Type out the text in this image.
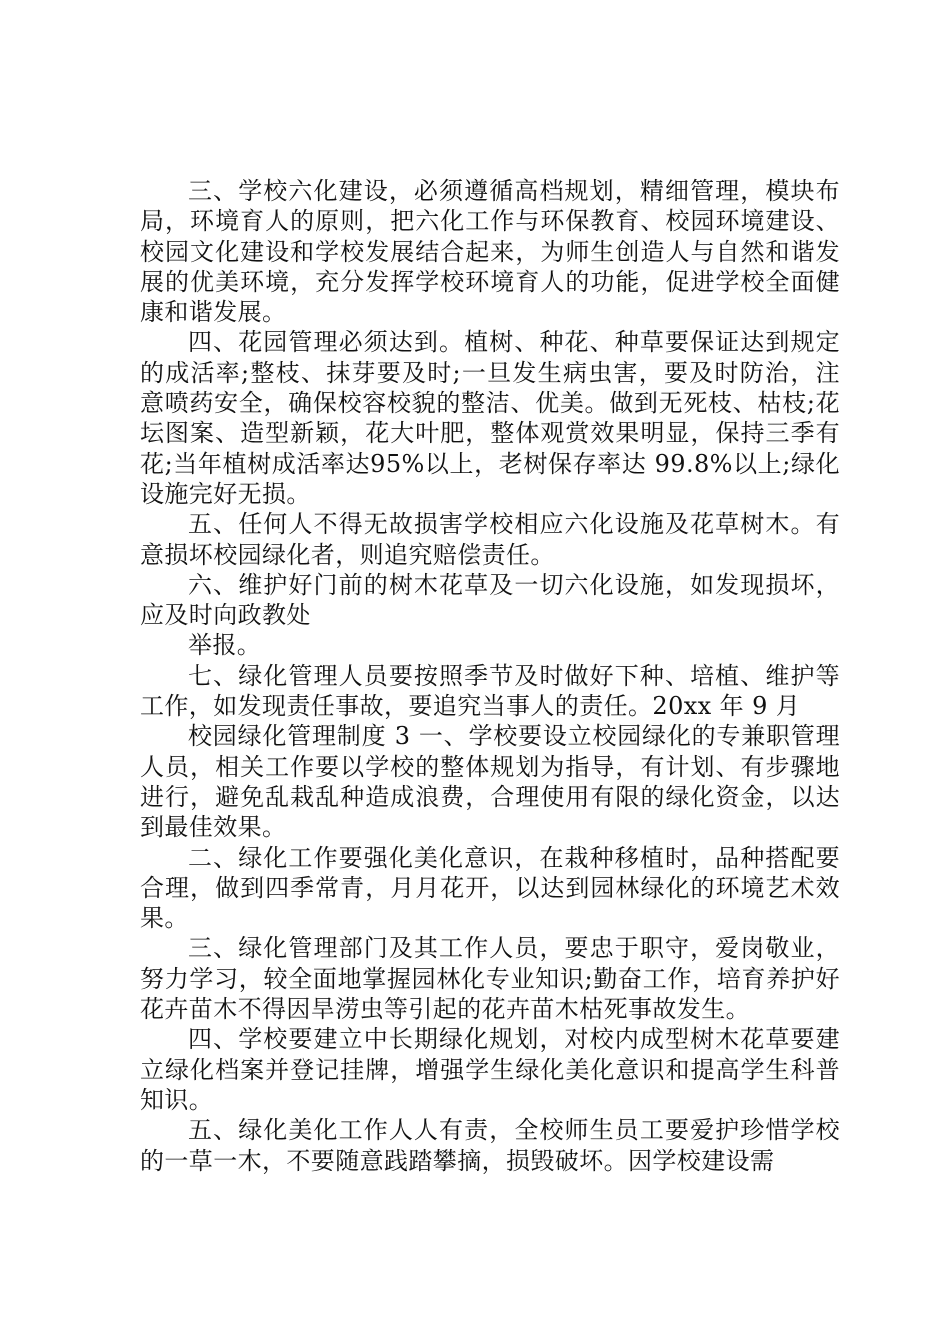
三、学校六化建设，必须遵循高档规划，精细管理，模块布局，环境育人的原则，把六化工作与环保教育、校园环境建设、校园文化建设和学校发展结合起来，为师生创造人与自然和谐发展的优美环境，充分发挥学校环境育人的功能，促进学校全面健康和谐发展。

四、花园管理必须达到。植树、种花、种草要保证达到规定的成活率;整枝、抹芽要及时;一旦发生病虫害，要及时防治，注意喷药安全，确保校容校貌的整洁、优美。做到无死枝、枯枝;花坛图案、造型新颖，花大叶肥，整体观赏效果明显，保持三季有花;当年植树成活率达95%以上，老树保存率达 99.8%以上;绿化设施完好无损。

五、任何人不得无故损害学校相应六化设施及花草树木。有意损坏校园绿化者，则追究赔偿责任。

六、维护好门前的树木花草及一切六化设施，如发现损坏，应及时向政教处

举报。

七、绿化管理人员要按照季节及时做好下种、培植、维护等工作，如发现责任事故，要追究当事人的责任。20xx 年 9 月

校园绿化管理制度 3 一、学校要设立校园绿化的专兼职管理人员，相关工作要以学校的整体规划为指导，有计划、有步骤地进行，避免乱栽乱种造成浪费，合理使用有限的绿化资金，以达到最佳效果。

二、绿化工作要强化美化意识，在栽种移植时，品种搭配要合理，做到四季常青，月月花开，以达到园林绿化的环境艺术效果。

三、绿化管理部门及其工作人员，要忠于职守，爱岗敬业，努力学习，较全面地掌握园林化专业知识;勤奋工作，培育养护好花卉苗木不得因旱涝虫等引起的花卉苗木枯死事故发生。

四、学校要建立中长期绿化规划，对校内成型树木花草要建立绿化档案并登记挂牌，增强学生绿化美化意识和提高学生科普知识。

五、绿化美化工作人人有责，全校师生员工要爱护珍惜学校的一草一木，不要随意践踏攀摘，损毁破坏。因学校建设需
